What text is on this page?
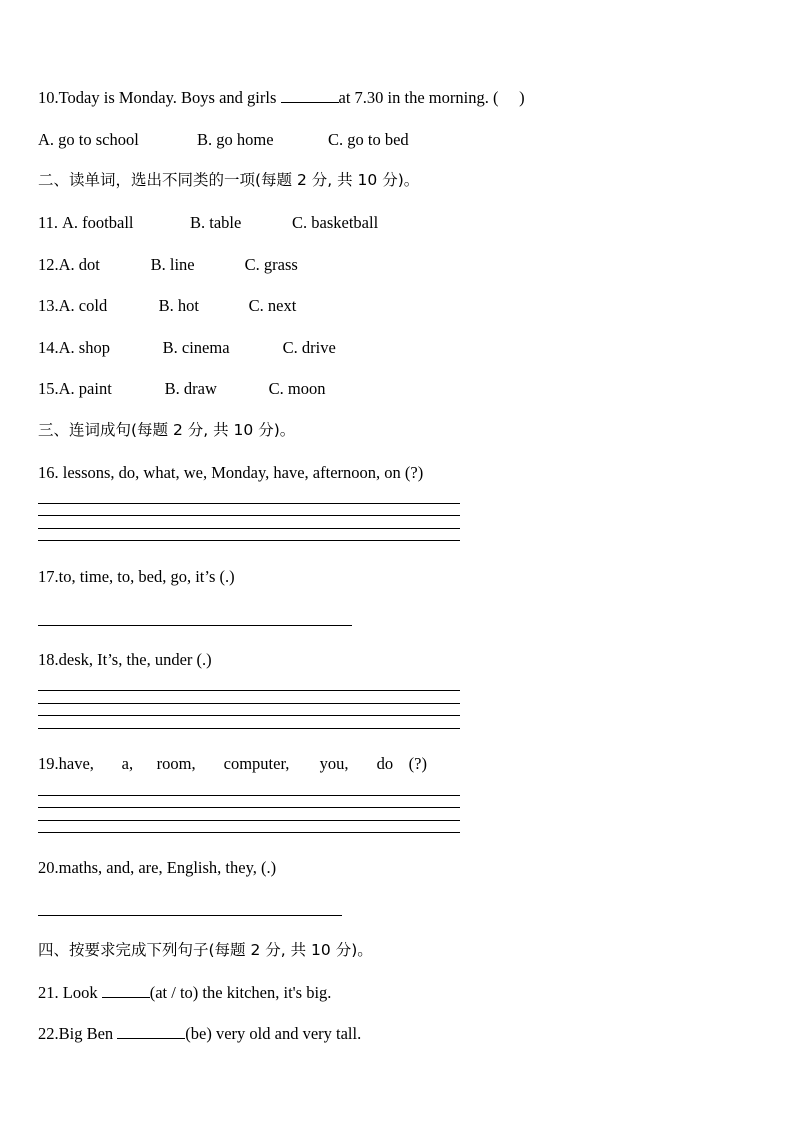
10.Today is Monday. Boys and girls	at 7.30 in the morning. (     )
A. go to school	B. go home	C. go to bed
二、读单词，选出不同类的一项(每题 2 分, 共 10 分)。
11. A. football	B. table	C. basketball
12.A. dot	B. line	C. grass
13.A. cold	B. hot	C. next
14.A. shop	B. cinema	C. drive
15.A. paint	B. draw	C. moon
三、连词成句(每题 2 分, 共 10 分)。
16. lessons, do, what, we, Monday, have, afternoon, on (?)
17.to, time, to, bed, go, it’s (.)
18.desk, It’s, the, under (.)
19.have, a, room, computer, you, do (?)
20.maths, and, are, English, they, (.)
四、按要求完成下列句子(每题 2 分, 共 10 分)。
21. Look	(at / to) the kitchen, it's big.
22.Big Ben	(be) very old and very tall.
